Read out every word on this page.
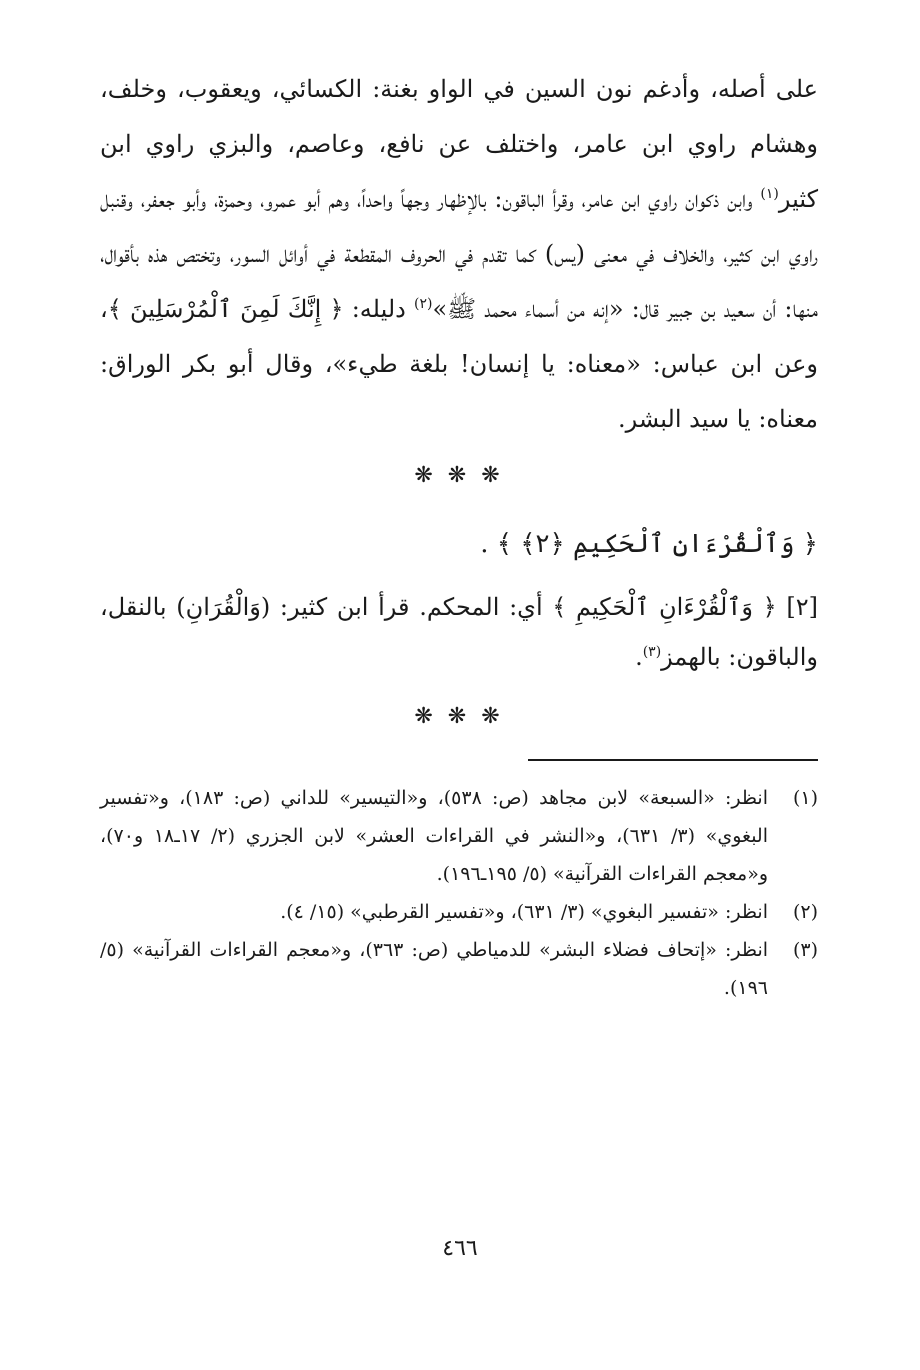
على أصله، وأدغم نون السين في الواو بغنة: الكسائي، ويعقوب، وخلف، وهشام راوي ابن عامر، واختلف عن نافع، وعاصم، والبزي راوي ابن كثير$^{(١)}$ وابن ذكوان راوي ابن عامر، وقرأ الباقون: بالإظهار وجهاً واحداً، وهم أبو عمرو، وحمزة، وأبو جعفر، وقنبل راوي ابن كثير، والخلاف في معنى (يس) كما تقدم في الحروف المقطعة في أوائل السور، وتختص هذه بأقوال، منها: أن سعيد بن جبير قال: «إنه من أسماء محمد ﷺ»$^{(٢)}$ دليله: ﴿ إِنَّكَ لَمِنَ ٱلْمُرْسَلِينَ ﴾، وعن ابن عباس: «معناه: يا إنسان! بلغة طيء»، وقال أبو بكر الوراق: معناه: يا سيد البشر.

❋ ❋ ❋

﴿ وَٱلْقُرْءَانِ ٱلْحَكِيمِ ﴿٢﴾ ﴾ .

[٢] ﴿ وَٱلْقُرْءَانِ ٱلْحَكِيمِ ﴾ أي: المحكم. قرأ ابن كثير: (وَالْقُرَانِ) بالنقل، والباقون: بالهمز$^{(٣)}$.

❋ ❋ ❋
(١)
انظر: «السبعة» لابن مجاهد (ص: ٥٣٨)، و«التيسير» للداني (ص: ١٨٣)، و«تفسير البغوي» (٣/ ٦٣١)، و«النشر في القراءات العشر» لابن الجزري (٢/ ١٧ـ١٨ و٧٠)، و«معجم القراءات القرآنية» (٥/ ١٩٥ـ١٩٦).
(٢)
انظر: «تفسير البغوي» (٣/ ٦٣١)، و«تفسير القرطبي» (١٥/ ٤).
(٣)
انظر: «إتحاف فضلاء البشر» للدمياطي (ص: ٣٦٣)، و«معجم القراءات القرآنية» (٥/ ١٩٦).
٤٦٦
